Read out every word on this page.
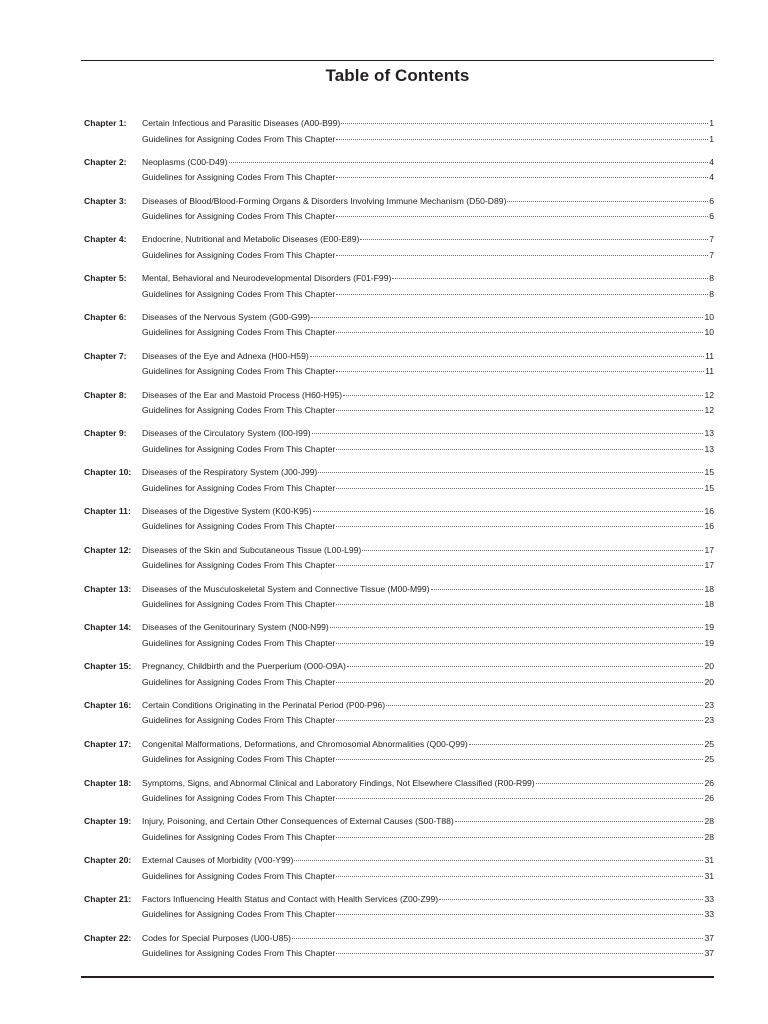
Table of Contents
Chapter 1:	Certain Infectious and Parasitic Diseases (A00-B99)	1
Guidelines for Assigning Codes From This Chapter	1
Chapter 2:	Neoplasms (C00-D49)	4
Guidelines for Assigning Codes From This Chapter	4
Chapter 3:	Diseases of Blood/Blood-Forming Organs & Disorders Involving Immune Mechanism (D50-D89)	6
Guidelines for Assigning Codes From This Chapter	6
Chapter 4:	Endocrine, Nutritional and Metabolic Diseases (E00-E89)	7
Guidelines for Assigning Codes From This Chapter	7
Chapter 5:	Mental, Behavioral and Neurodevelopmental Disorders (F01-F99)	8
Guidelines for Assigning Codes From This Chapter	8
Chapter 6:	Diseases of the Nervous System (G00-G99)	10
Guidelines for Assigning Codes From This Chapter	10
Chapter 7:	Diseases of the Eye and Adnexa (H00-H59)	11
Guidelines for Assigning Codes From This Chapter	11
Chapter 8:	Diseases of the Ear and Mastoid Process (H60-H95)	12
Guidelines for Assigning Codes From This Chapter	12
Chapter 9:	Diseases of the Circulatory System (I00-I99)	13
Guidelines for Assigning Codes From This Chapter	13
Chapter 10:	Diseases of the Respiratory System (J00-J99)	15
Guidelines for Assigning Codes From This Chapter	15
Chapter 11:	Diseases of the Digestive System (K00-K95)	16
Guidelines for Assigning Codes From This Chapter	16
Chapter 12:	Diseases of the Skin and Subcutaneous Tissue (L00-L99)	17
Guidelines for Assigning Codes From This Chapter	17
Chapter 13:	Diseases of the Musculoskeletal System and Connective Tissue (M00-M99)	18
Guidelines for Assigning Codes From This Chapter	18
Chapter 14:	Diseases of the Genitourinary System (N00-N99)	19
Guidelines for Assigning Codes From This Chapter	19
Chapter 15:	Pregnancy, Childbirth and the Puerperium (O00-O9A)	20
Guidelines for Assigning Codes From This Chapter	20
Chapter 16:	Certain Conditions Originating in the Perinatal Period (P00-P96)	23
Guidelines for Assigning Codes From This Chapter	23
Chapter 17:	Congenital Malformations, Deformations, and Chromosomal Abnormalities (Q00-Q99)	25
Guidelines for Assigning Codes From This Chapter	25
Chapter 18:	Symptoms, Signs, and Abnormal Clinical and Laboratory Findings, Not Elsewhere Classified (R00-R99)	26
Guidelines for Assigning Codes From This Chapter	26
Chapter 19:	Injury, Poisoning, and Certain Other Consequences of External Causes (S00-T88)	28
Guidelines for Assigning Codes From This Chapter	28
Chapter 20:	External Causes of Morbidity (V00-Y99)	31
Guidelines for Assigning Codes From This Chapter	31
Chapter 21:	Factors Influencing Health Status and Contact with Health Services (Z00-Z99)	33
Guidelines for Assigning Codes From This Chapter	33
Chapter 22:	Codes for Special Purposes (U00-U85)	37
Guidelines for Assigning Codes From This Chapter	37
